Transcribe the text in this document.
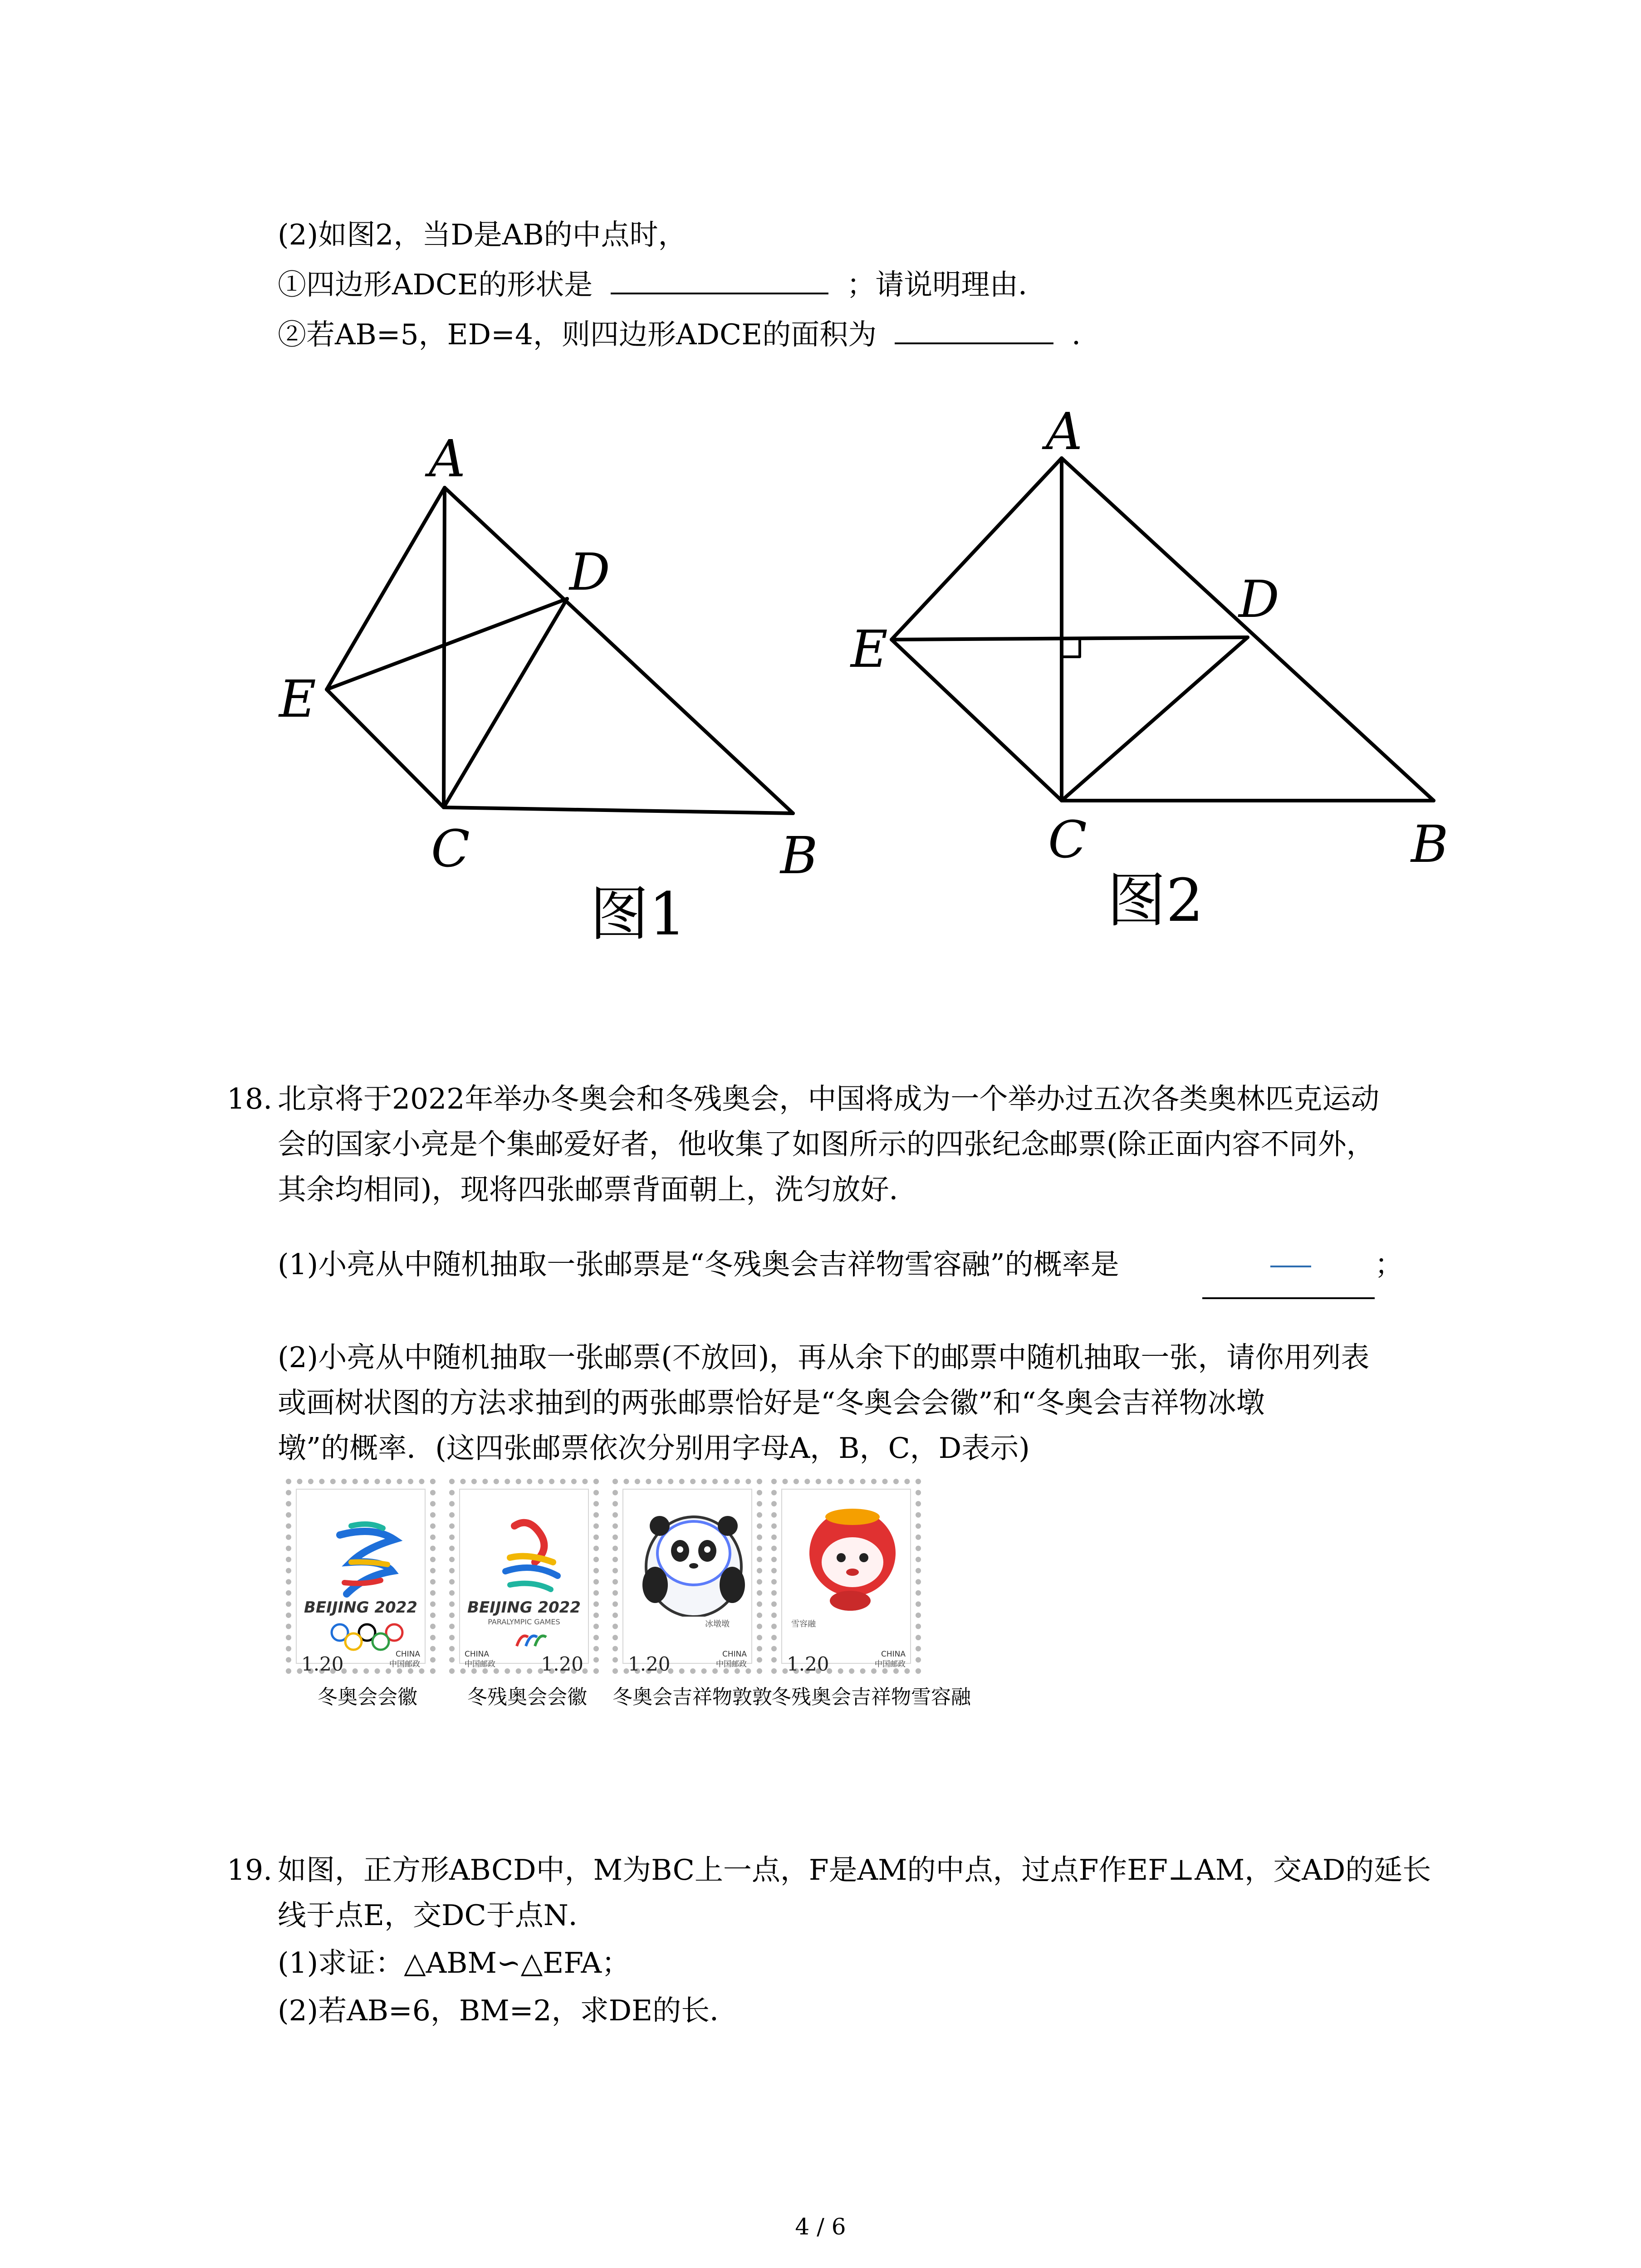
(2)如图2，当D是AB的中点时，
①四边形ADCE的形状是	；请说明理由．
②若AB=5，ED=4，则四边形ADCE的面积为	．
A
D
E
C	B
图1
A
D
E
C	B
图2
18. 北京将于2022年举办冬奥会和冬残奥会，中国将成为一个举办过五次各类奥林匹克运动
会的国家小亮是个集邮爱好者，他收集了如图所示的四张纪念邮票(除正面内容不同外，
其余均相同)，现将四张邮票背面朝上，洗匀放好．
(1)小亮从中随机抽取一张邮票是“冬残奥会吉祥物雪容融”的概率是	；
(2)小亮从中随机抽取一张邮票(不放回)，再从余下的邮票中随机抽取一张，请你用列表
或画树状图的方法求抽到的两张邮票恰好是“冬奥会会徽”和“冬奥会吉祥物冰墩
墩”的概率．(这四张邮票依次分别用字母A，B，C，D表示)
BEIJING 2022
1.20	CHINA
中国邮政
BEIJING 2022
PARALYMPIC GAMES
CHINA
中国邮政 1.20
冰墩墩
1.20	CHINA
中国邮政
雪容融
1.20	CHINA
中国邮政
冬奥会会徽	冬残奥会会徽 冬奥会吉祥物敦敦
冬残奥会吉祥物雪容融
19. 如图，正方形ABCD中，M为BC上一点，F是AM的中点，过点F作EF⊥AM，交AD的延长
线于点E，交DC于点N．
(1)求证：△ABM∽△EFA；
(2)若AB=6，BM=2，求DE的长．
4 / 6
